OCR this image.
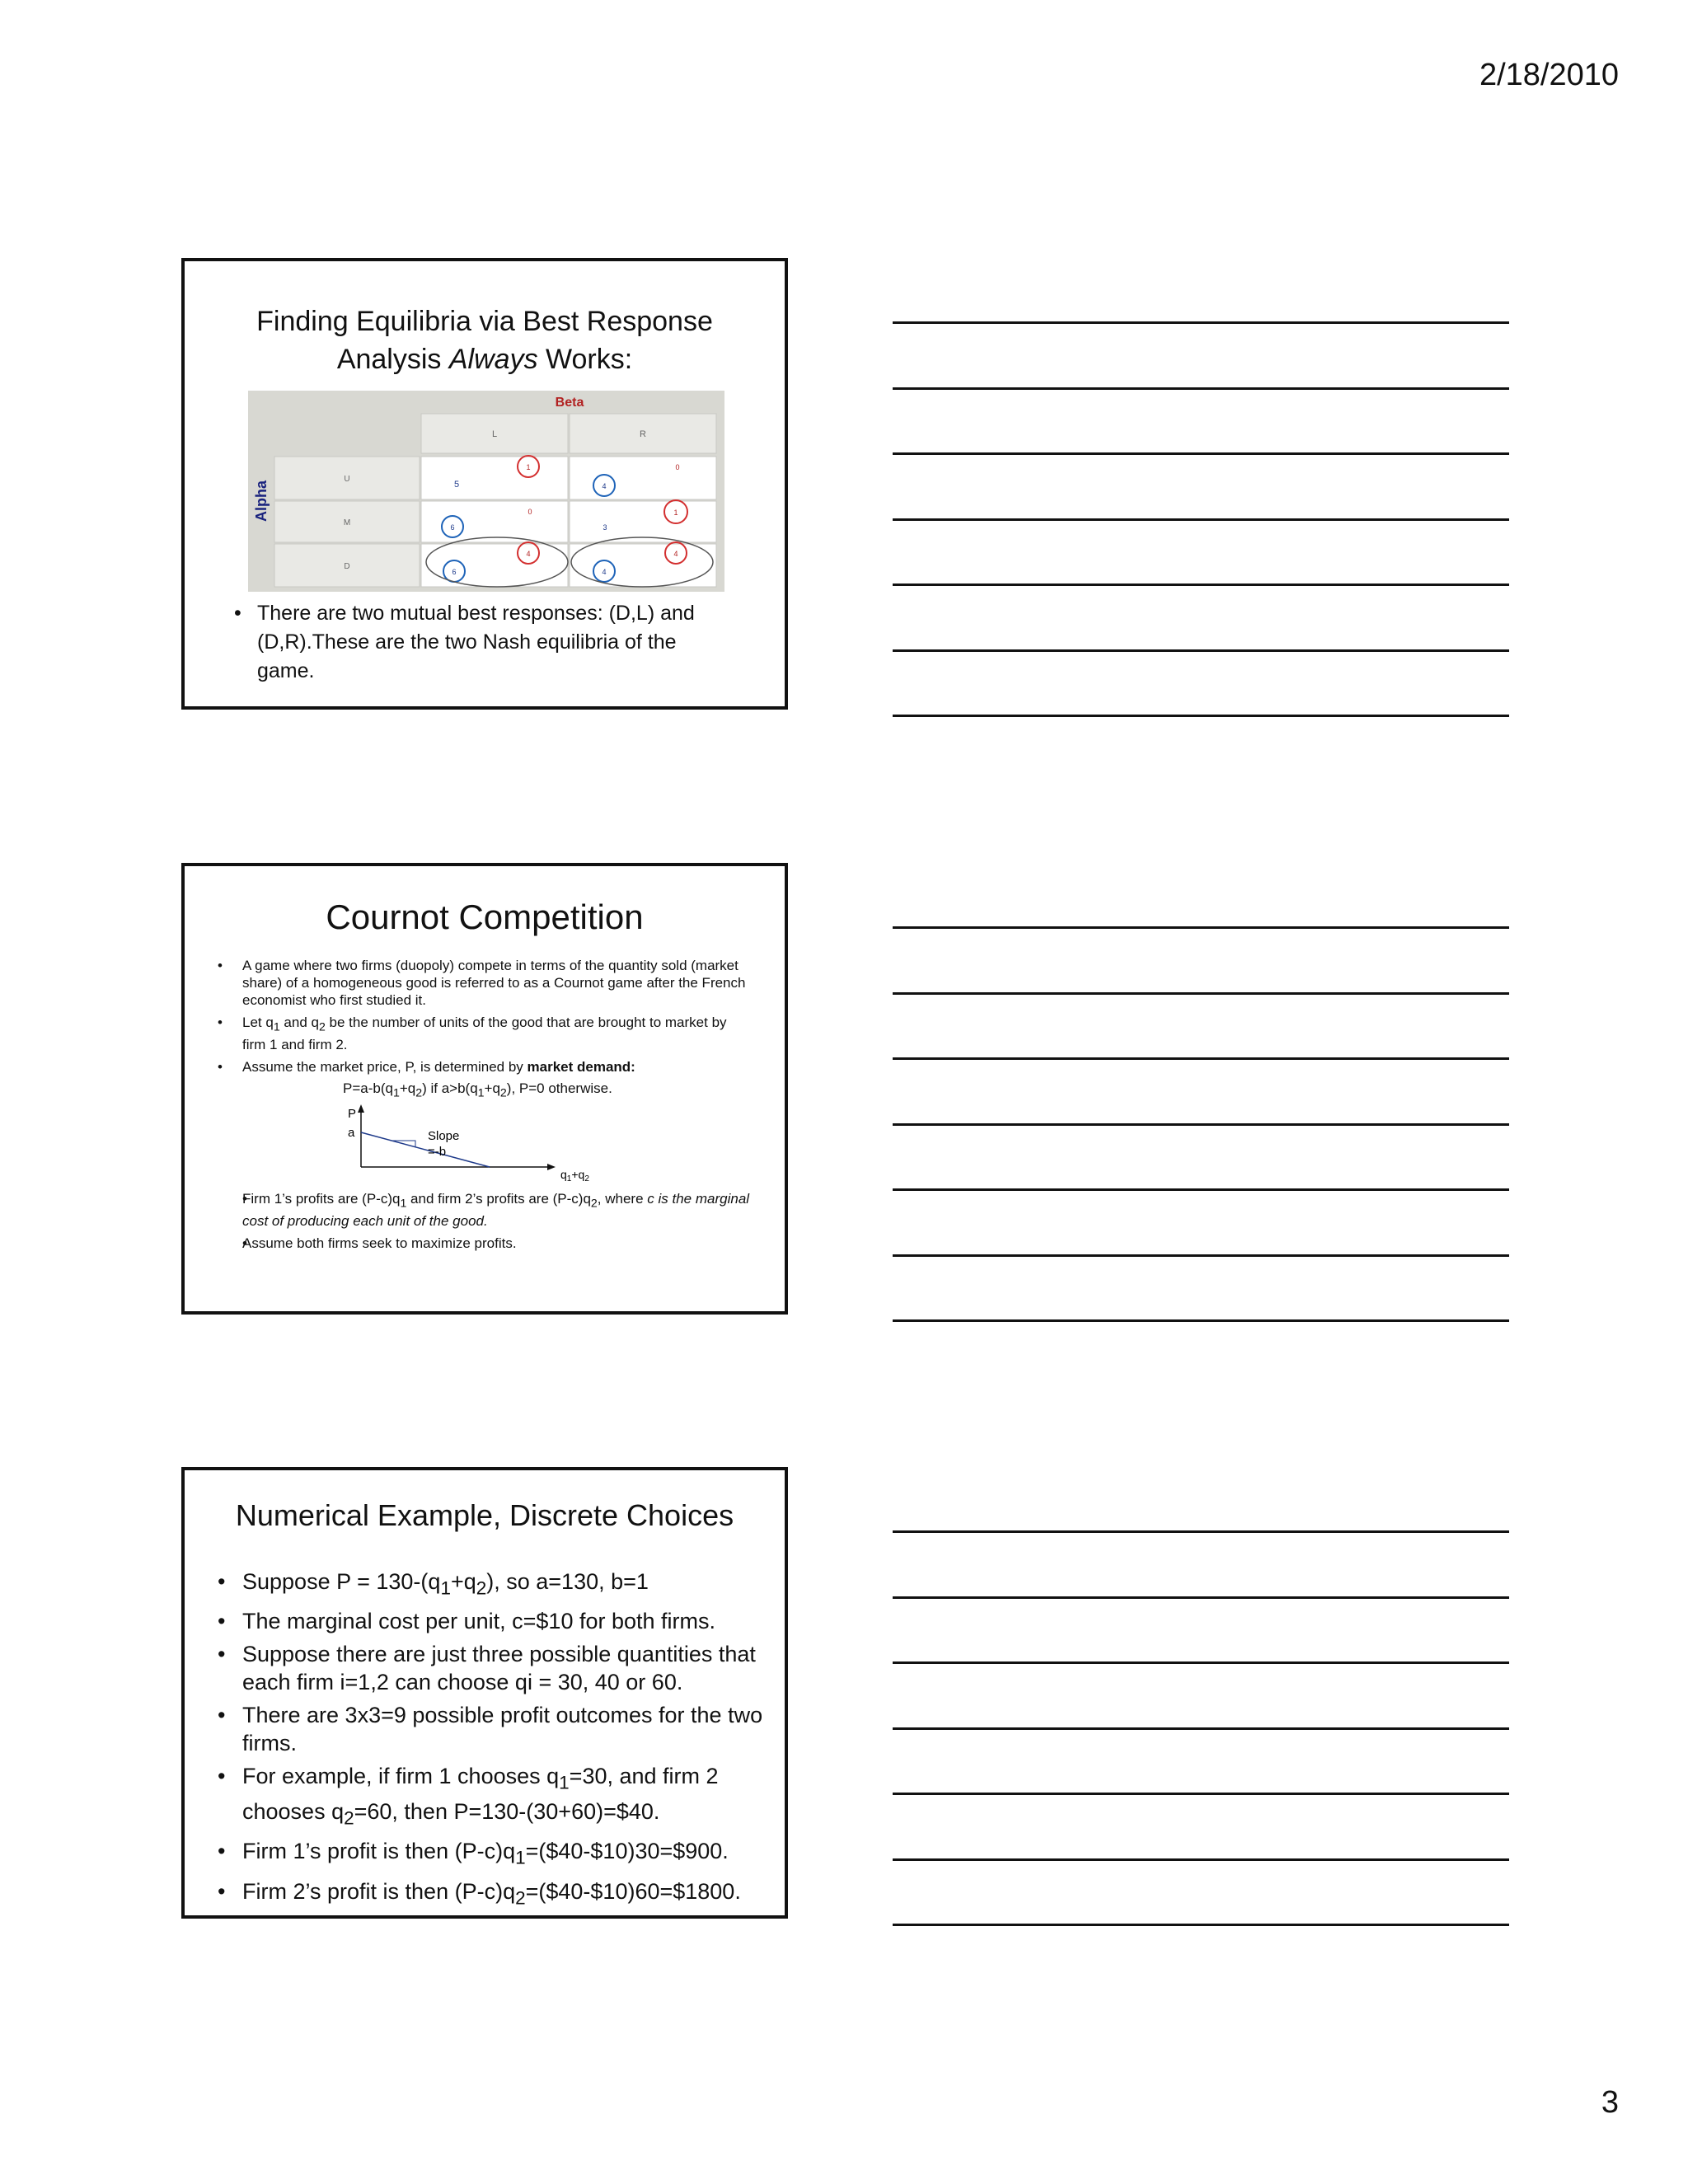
2/18/2010
Finding Equilibria via Best Response
Analysis Always Works:
Beta
Alpha
L	R
U
M
D
5
1
4
0
6
0
3
1
6
4
4
4
• There are two mutual best responses: (D,L) and (D,R).These are the two Nash equilibria of the game.
Cournot Competition
• A game where two firms (duopoly) compete in terms of the quantity sold (market share) of a homogeneous good is referred to as a Cournot game after the French economist who first studied it.
• Let $q_1$ and $q_2$ be the number of units of the good that are brought to market by firm 1 and firm 2.
• Assume the market price, P, is determined by market demand:
$P=a-b(q_1+q_2)$ if $a>b(q_1+q_2)$, P=0 otherwise.
P
a	Slope
=-b
$q_1+q_2$
• Firm 1’s profits are $(P-c)q_1$ and firm 2’s profits are $(P-c)q_2$, where c is the marginal cost of producing each unit of the good.
• Assume both firms seek to maximize profits.
Numerical Example, Discrete Choices
• Suppose $P = 130-(q_1+q_2)$, so a=130, b=1
• The marginal cost per unit, c=$10 for both firms.
• Suppose there are just three possible quantities that each firm i=1,2 can choose qi = 30, 40 or 60.
• There are 3x3=9 possible profit outcomes for the two firms.
• For example, if firm 1 chooses $q_1=30$, and firm 2 chooses $q_2=60$, then P=130-(30+60)=$40.
• Firm 1’s profit is then $(P-c)q_1=(\$40-\$10)30=\$900$.
• Firm 2’s profit is then $(P-c)q_2=(\$40-\$10)60=\$1800$.
3
